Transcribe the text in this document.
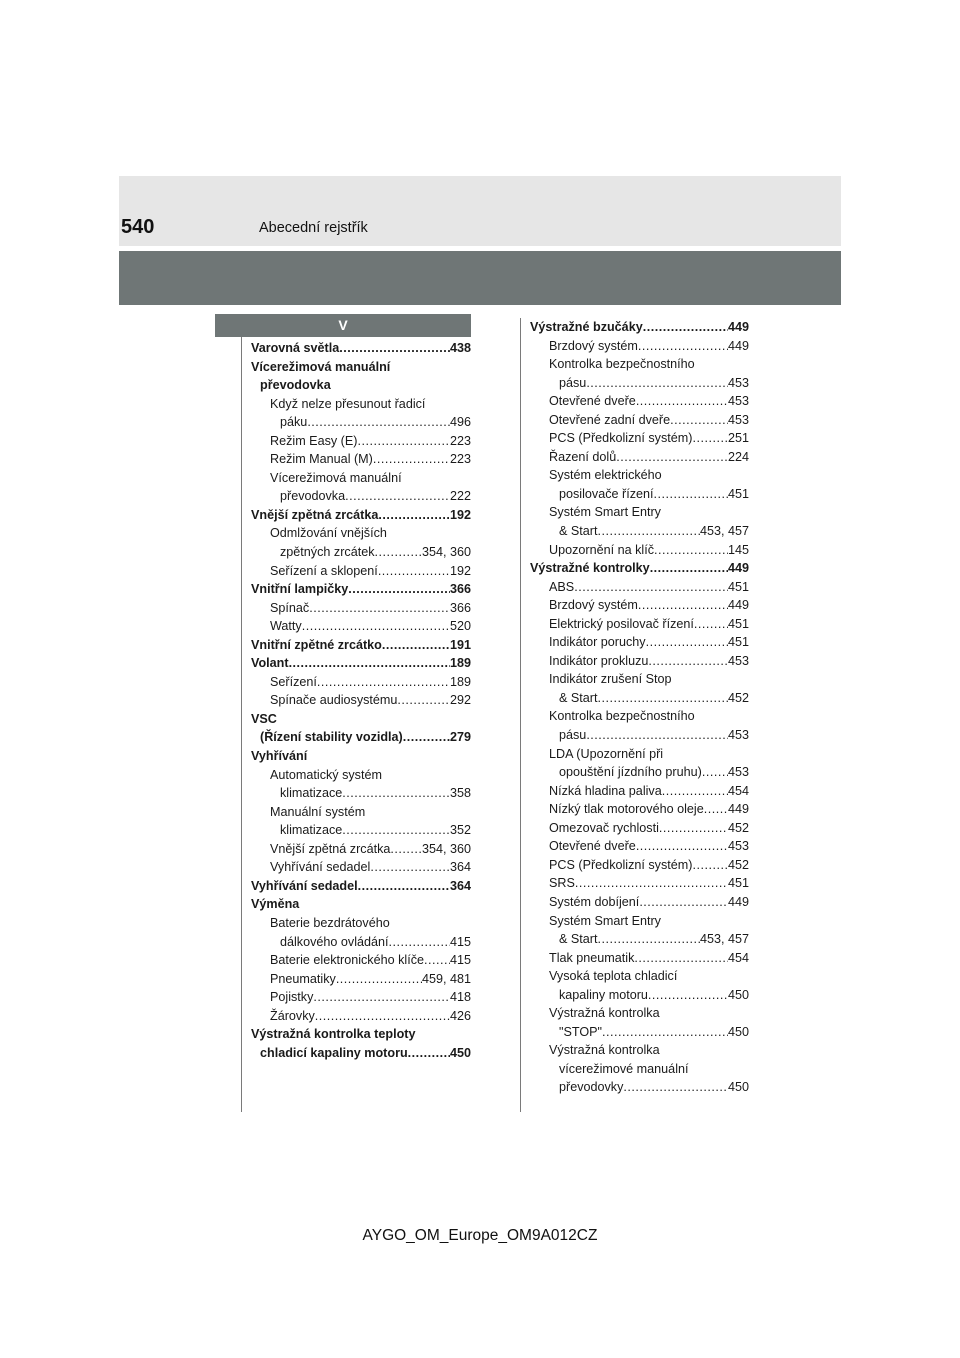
540	Abecední rejstřík
V
Varovná světla .....	438
Vícerežimová manuální
převodovka
Když nelze přesunout řadicí
páku .....	496
Režim Easy (E) .....	223
Režim Manual (M) .....	223
Vícerežimová manuální
převodovka .....	222
Vnější zpětná zrcátka .....	192
Odmlžování vnějších
zpětných zrcátek .....	354, 360
Seřízení a sklopení .....	192
Vnitřní lampičky .....	366
Spínač .....	366
Watty .....	520
Vnitřní zpětné zrcátko .....	191
Volant .....	189
Seřízení .....	189
Spínače audiosystému .....	292
VSC
(Řízení stability vozidla) .....	279
Vyhřívání
Automatický systém
klimatizace .....	358
Manuální systém
klimatizace .....	352
Vnější zpětná zrcátka .....	354, 360
Vyhřívání sedadel .....	364
Vyhřívání sedadel .....	364
Výměna
Baterie bezdrátového
dálkového ovládání .....	415
Baterie elektronického klíče ..... 415
Pneumatiky .....	459, 481
Pojistky .....	418
Žárovky .....	426
Výstražná kontrolka teploty
chladicí kapaliny motoru .....	450
Výstražné bzučáky .....	449
Brzdový systém .....	449
Kontrolka bezpečnostního
pásu .....	453
Otevřené dveře .....	453
Otevřené zadní dveře .....	453
PCS (Předkolizní systém) .....	251
Řazení dolů .....	224
Systém elektrického
posilovače řízení .....	451
Systém Smart Entry
& Start .....	453, 457
Upozornění na klíč .....	145
Výstražné kontrolky .....	449
ABS .....	451
Brzdový systém .....	449
Elektrický posilovač řízení .....	451
Indikátor poruchy .....	451
Indikátor prokluzu .....	453
Indikátor zrušení Stop
& Start .....	452
Kontrolka bezpečnostního
pásu .....	453
LDA (Upozornění při
opouštění jízdního pruhu) ..... 453
Nízká hladina paliva .....	454
Nízký tlak motorového oleje ..... 449
Omezovač rychlosti .....	452
Otevřené dveře .....	453
PCS (Předkolizní systém) .....	452
SRS .....	451
Systém dobíjení .....	449
Systém Smart Entry
& Start .....	453, 457
Tlak pneumatik .....	454
Vysoká teplota chladicí
kapaliny motoru .....	450
Výstražná kontrolka
"STOP" .....	450
Výstražná kontrolka
vícerežimové manuální
převodovky .....	450
AYGO_OM_Europe_OM9A012CZ
